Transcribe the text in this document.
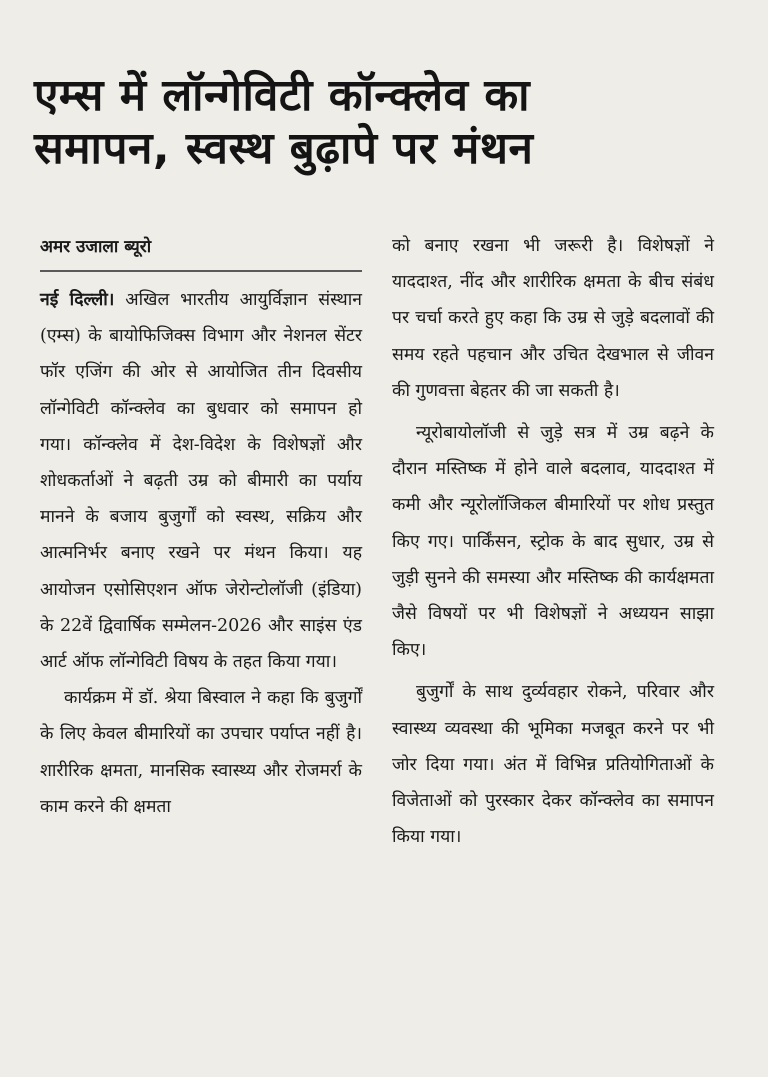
एम्स में लॉन्गेविटी कॉन्क्लेव का
समापन, स्वस्थ बुढ़ापे पर मंथन
अमर उजाला ब्यूरो

नई दिल्ली। अखिल भारतीय आयुर्विज्ञान संस्थान (एम्स) के बायोफिजिक्स विभाग और नेशनल सेंटर फॉर एजिंग की ओर से आयोजित तीन दिवसीय लॉन्गेविटी कॉन्क्लेव का बुधवार को समापन हो गया। कॉन्क्लेव में देश-विदेश के विशेषज्ञों और शोधकर्ताओं ने बढ़ती उम्र को बीमारी का पर्याय मानने के बजाय बुजुर्गों को स्वस्थ, सक्रिय और आत्मनिर्भर बनाए रखने पर मंथन किया। यह आयोजन एसोसिएशन ऑफ जेरोन्टोलॉजी (इंडिया) के 22वें द्विवार्षिक सम्मेलन-2026 और साइंस एंड आर्ट ऑफ लॉन्गेविटी विषय के तहत किया गया।

कार्यक्रम में डॉ. श्रेया बिस्वाल ने कहा कि बुजुर्गों के लिए केवल बीमारियों का उपचार पर्याप्त नहीं है। शारीरिक क्षमता, मानसिक स्वास्थ्य और रोजमर्रा के काम करने की क्षमता

को बनाए रखना भी जरूरी है। विशेषज्ञों ने याददाश्त, नींद और शारीरिक क्षमता के बीच संबंध पर चर्चा करते हुए कहा कि उम्र से जुड़े बदलावों की समय रहते पहचान और उचित देखभाल से जीवन की गुणवत्ता बेहतर की जा सकती है।

न्यूरोबायोलॉजी से जुड़े सत्र में उम्र बढ़ने के दौरान मस्तिष्क में होने वाले बदलाव, याददाश्त में कमी और न्यूरोलॉजिकल बीमारियों पर शोध प्रस्तुत किए गए। पार्किंसन, स्ट्रोक के बाद सुधार, उम्र से जुड़ी सुनने की समस्या और मस्तिष्क की कार्यक्षमता जैसे विषयों पर भी विशेषज्ञों ने अध्ययन साझा किए।

बुजुर्गों के साथ दुर्व्यवहार रोकने, परिवार और स्वास्थ्य व्यवस्था की भूमिका मजबूत करने पर भी जोर दिया गया। अंत में विभिन्न प्रतियोगिताओं के विजेताओं को पुरस्कार देकर कॉन्क्लेव का समापन किया गया।
